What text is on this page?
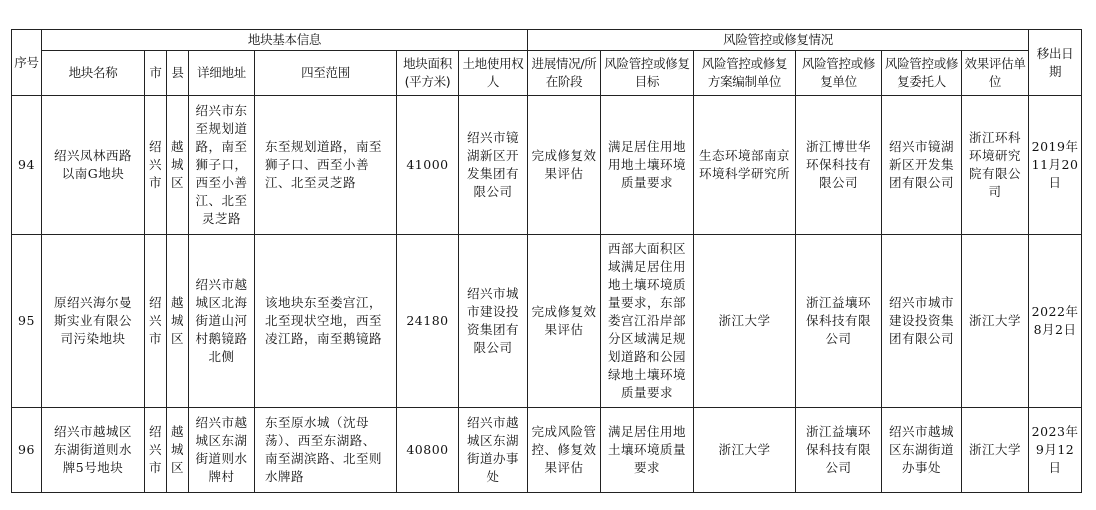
序号	地块基本信息							风险管控或修复情况						移出日期
	地块名称	市	县	详细地址	四至范围	地块面积(平方米)	土地使用权人	进展情况/所在阶段	风险管控或修复目标	风险管控或修复方案编制单位	风险管控或修复单位	风险管控或修复委托人	效果评估单位	
94	绍兴凤林西路以南G地块	绍兴市	越城区	绍兴市东至规划道路，南至狮子口，西至小善江、北至灵芝路	东至规划道路，南至狮子口、西至小善江、北至灵芝路	41000	绍兴市镜湖新区开发集团有限公司	完成修复效果评估	满足居住用地用地土壤环境质量要求	生态环境部南京环境科学研究所	浙江博世华环保科技有限公司	绍兴市镜湖新区开发集团有限公司	浙江环科环境研究院有限公司	2019年11月20日
95	原绍兴海尔曼斯实业有限公司污染地块	绍兴市	越城区	绍兴市越城区北海街道山河村鹅镜路北侧	该地块东至娄宫江，北至现状空地，西至凌江路，南至鹅镜路	24180	绍兴市城市建设投资集团有限公司	完成修复效果评估	西部大面积区域满足居住用地土壤环境质量要求，东部娄宫江沿岸部分区域满足规划道路和公园绿地土壤环境质量要求	浙江大学	浙江益壤环保科技有限公司	绍兴市城市建设投资集团有限公司	浙江大学	2022年8月2日
96	绍兴市越城区东湖街道则水牌5号地块	绍兴市	越城区	绍兴市越城区东湖街道则水牌村	东至原水城（沈母荡）、西至东湖路、南至湖滨路、北至则水牌路	40800	绍兴市越城区东湖街道办事处	完成风险管控、修复效果评估	满足居住用地土壤环境质量要求	浙江大学	浙江益壤环保科技有限公司	绍兴市越城区东湖街道办事处	浙江大学	2023年9月12日
